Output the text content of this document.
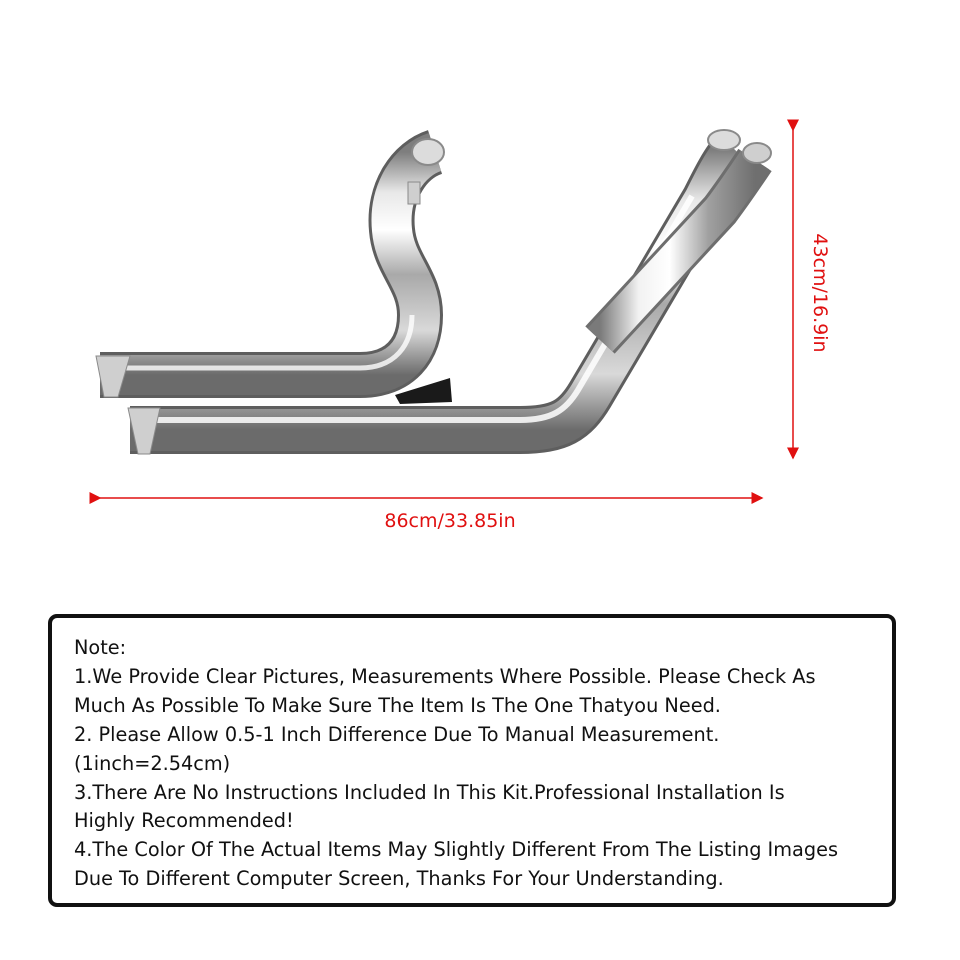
86cm/33.85in
43cm/16.9in
Note:
1.We Provide Clear Pictures, Measurements Where Possible. Please Check As
Much As Possible To Make Sure The Item Is The One Thatyou Need.
2. Please Allow 0.5-1 Inch Difference Due To Manual Measurement.
(1inch=2.54cm)
3.There Are No Instructions Included In This Kit.Professional Installation Is
Highly Recommended!
4.The Color Of The Actual Items May Slightly Different From The Listing Images
Due To Different Computer Screen, Thanks For Your Understanding.
